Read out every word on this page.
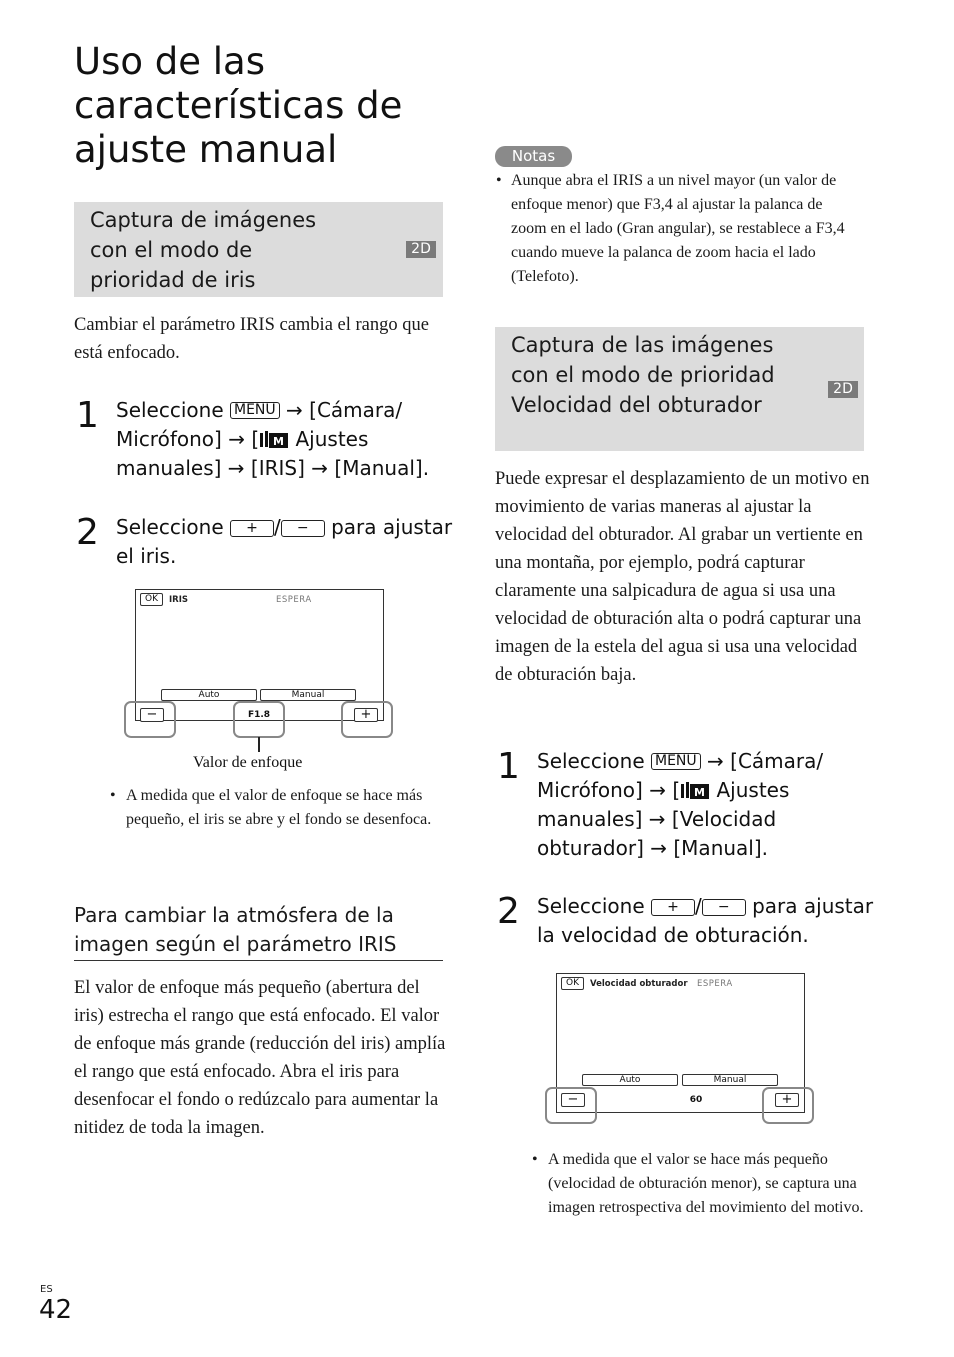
Uso de las características de ajuste manual
Captura de imágenes con el modo de prioridad de iris
2D

Cambiar el parámetro IRIS cambia el rango que está enfocado.

1 Seleccione MENU → [Cámara/
Micrófono] → [ M Ajustes
manuales] → [IRIS] → [Manual].
2 Seleccione + / − para ajustar
el iris.
OK	IRIS	ESPERA
Auto	Manual
−	F1.8	+
Valor de enfoque
• A medida que el valor de enfoque se hace más pequeño, el iris se abre y el fondo se desenfoca.
Para cambiar la atmósfera de la imagen según el parámetro IRIS

El valor de enfoque más pequeño (abertura del iris) estrecha el rango que está enfocado. El valor de enfoque más grande (reducción del iris) amplía el rango que está enfocado. Abra el iris para desenfocar el fondo o redúzcalo para aumentar la nitidez de toda la imagen.

Notas
• Aunque abra el IRIS a un nivel mayor (un valor de enfoque menor) que F3,4 al ajustar la palanca de zoom en el lado (Gran angular), se restablece a F3,4 cuando mueve la palanca de zoom hacia el lado (Telefoto).
Captura de las imágenes con el modo de prioridad Velocidad del obturador
2D

Puede expresar el desplazamiento de un motivo en movimiento de varias maneras al ajustar la velocidad del obturador. Al grabar un vertiente en una montaña, por ejemplo, podrá capturar claramente una salpicadura de agua si usa una velocidad de obturación alta o podrá capturar una imagen de la estela del agua si usa una velocidad de obturación baja.

1 Seleccione MENU → [Cámara/
Micrófono] → [ M Ajustes
manuales] → [Velocidad
obturador] → [Manual].
2 Seleccione + / − para ajustar
la velocidad de obturación.
OK	Velocidad obturador ESPERA
Auto	Manual
−	60	+
• A medida que el valor se hace más pequeño (velocidad de obturación menor), se captura una imagen retrospectiva del movimiento del motivo.
ES
42
